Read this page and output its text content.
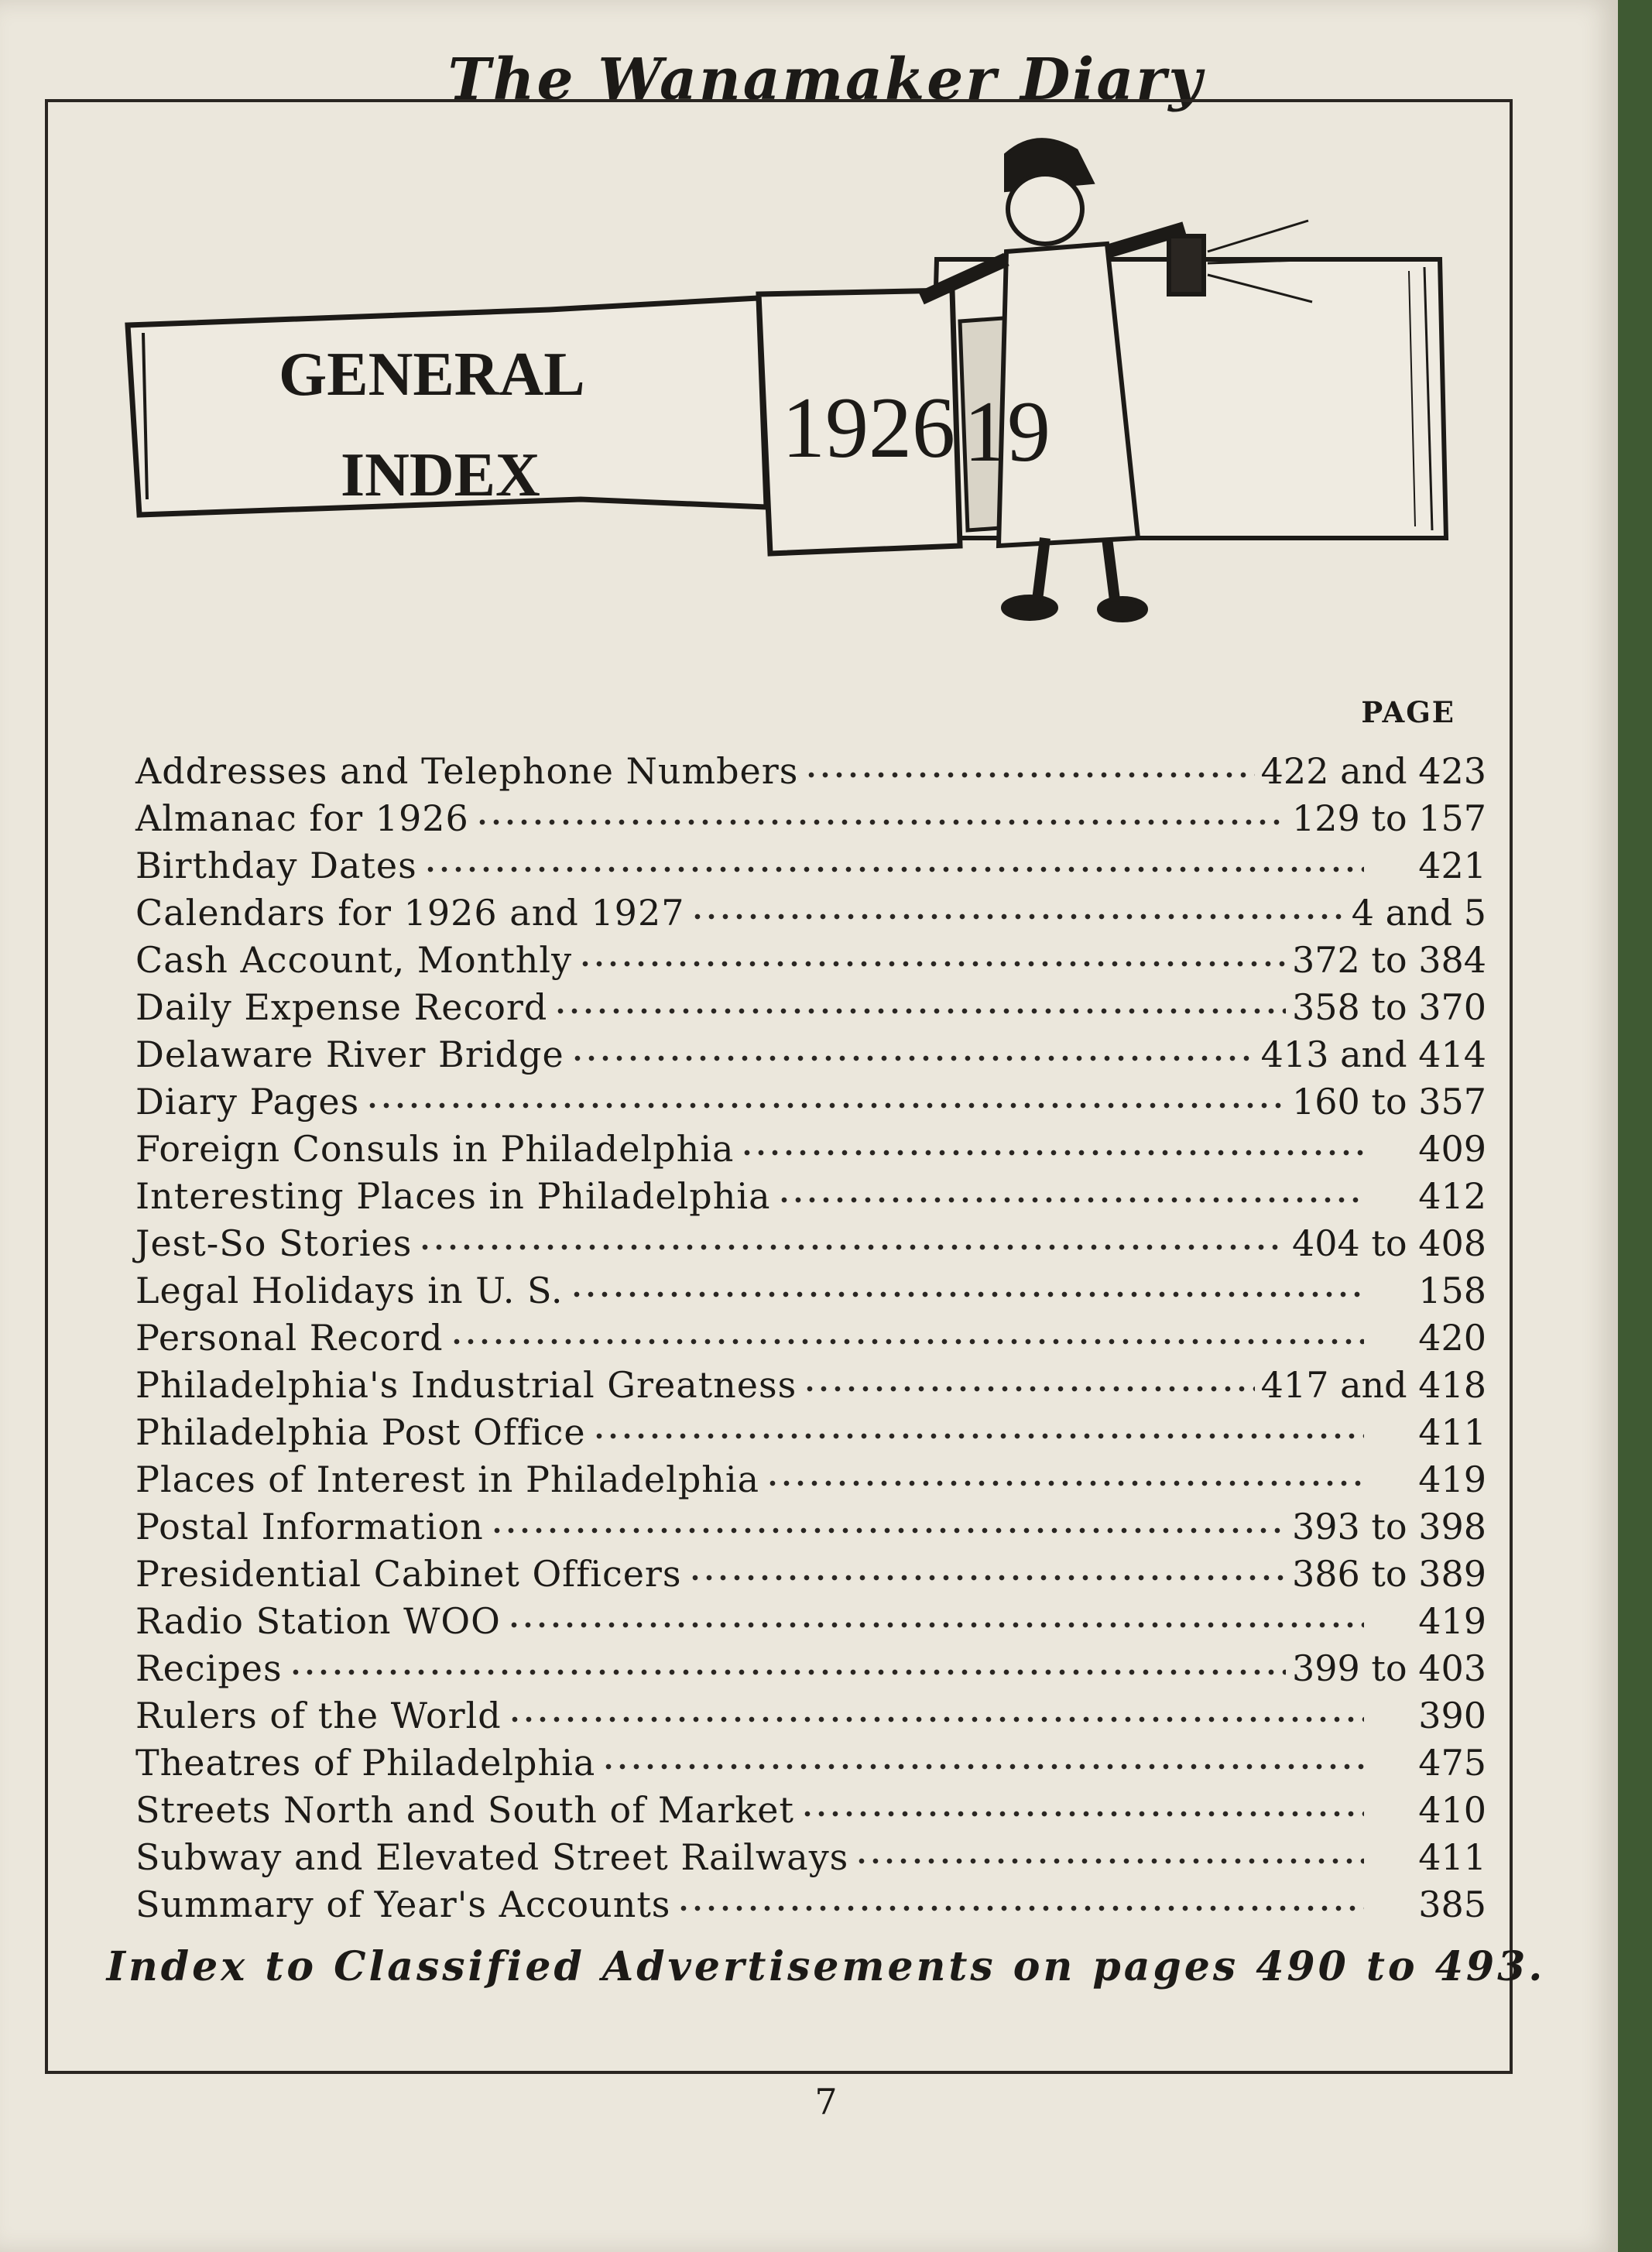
The Wanamaker Diary
GENERAL
INDEX	1926 19
PAGE
Addresses and Telephone Numbers	422 and 423
Almanac for 1926	129 to 157
Birthday Dates	421
Calendars for 1926 and 1927	4 and 5
Cash Account, Monthly	372 to 384
Daily Expense Record	358 to 370
Delaware River Bridge	413 and 414
Diary Pages	160 to 357
Foreign Consuls in Philadelphia	409
Interesting Places in Philadelphia	412
Jest-So Stories	404 to 408
Legal Holidays in U. S.	158
Personal Record	420
Philadelphia's Industrial Greatness	417 and 418
Philadelphia Post Office	411
Places of Interest in Philadelphia	419
Postal Information	393 to 398
Presidential Cabinet Officers	386 to 389
Radio Station WOO	419
Recipes	399 to 403
Rulers of the World	390
Theatres of Philadelphia	475
Streets North and South of Market	410
Subway and Elevated Street Railways	411
Summary of Year's Accounts	385
Index to Classified Advertisements on pages 490 to 493.
7
